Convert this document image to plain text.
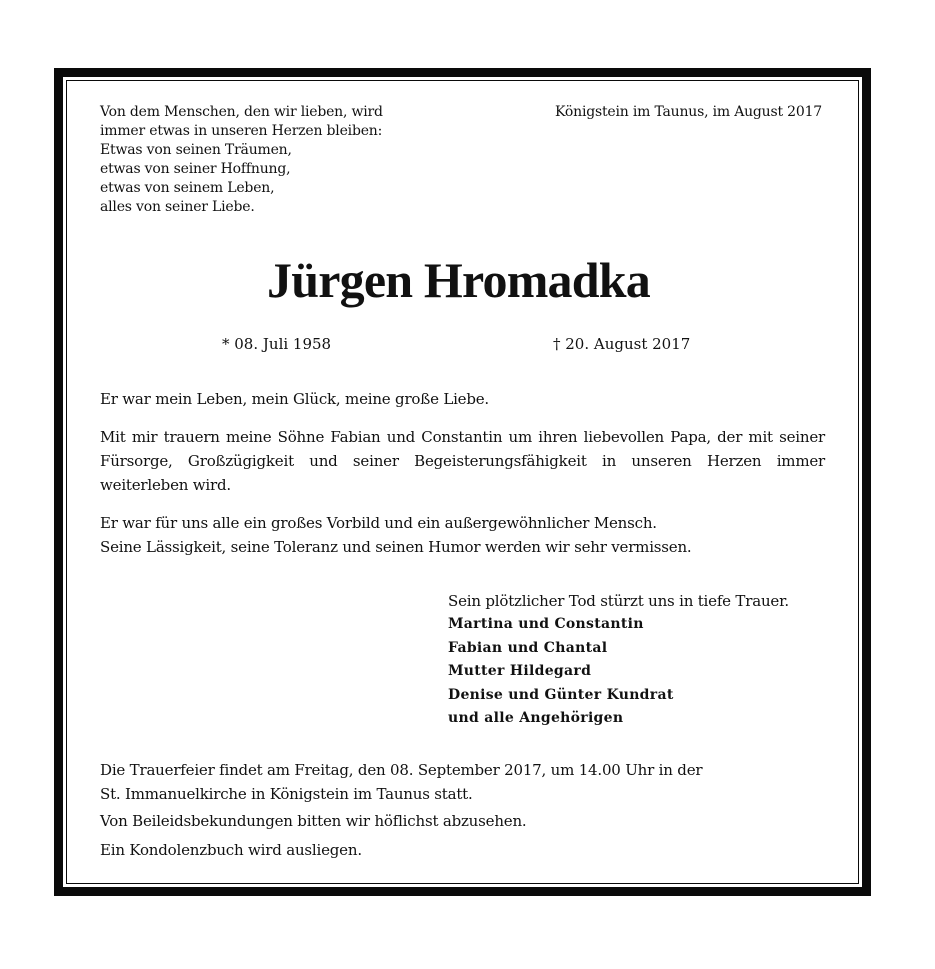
Von dem Menschen, den wir lieben, wird
immer etwas in unseren Herzen bleiben:
Etwas von seinen Träumen,
etwas von seiner Hoffnung,
etwas von seinem Leben,
alles von seiner Liebe.
Königstein im Taunus, im August 2017
Jürgen Hromadka
* 08. Juli 1958	† 20. August 2017
Er war mein Leben, mein Glück, meine große Liebe.
Mit mir trauern meine Söhne Fabian und Constantin um ihren liebevollen Papa, der mit seiner Fürsorge, Großzügigkeit und seiner Begeisterungsfähigkeit in unseren Herzen immer weiterleben wird.
Er war für uns alle ein großes Vorbild und ein außergewöhnlicher Mensch.
Seine Lässigkeit, seine Toleranz und seinen Humor werden wir sehr vermissen.
Sein plötzlicher Tod stürzt uns in tiefe Trauer.
Martina und Constantin
Fabian und Chantal
Mutter Hildegard
Denise und Günter Kundrat
und alle Angehörigen
Die Trauerfeier findet am Freitag, den 08. September 2017, um 14.00 Uhr in der
St. Immanuelkirche in Königstein im Taunus statt.
Von Beileidsbekundungen bitten wir höflichst abzusehen.
Ein Kondolenzbuch wird ausliegen.
